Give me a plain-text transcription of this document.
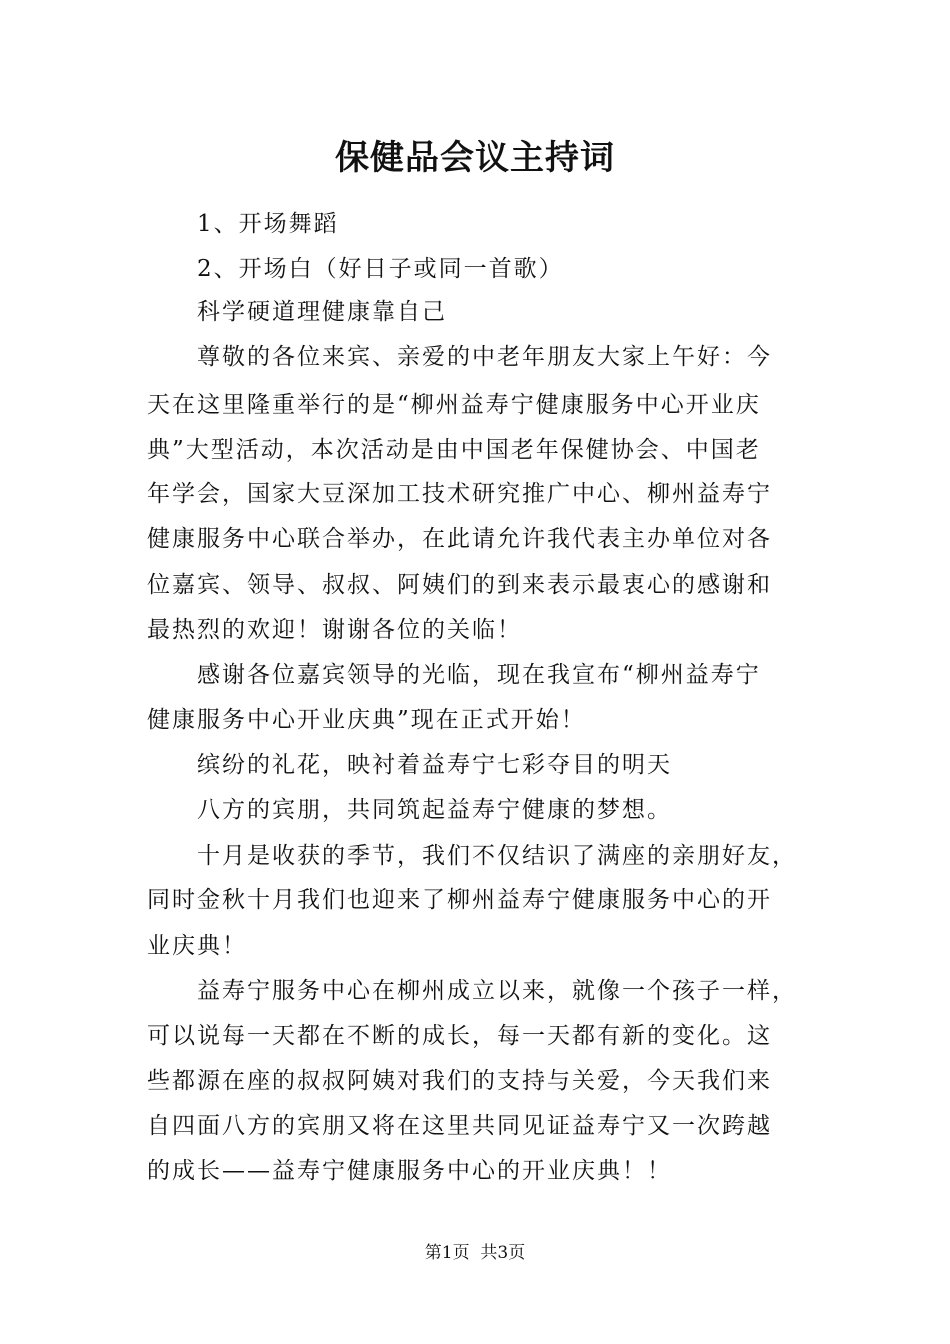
保健品会议主持词

1、开场舞蹈

2、开场白（好日子或同一首歌）

科学硬道理健康靠自己

尊敬的各位来宾、亲爱的中老年朋友大家上午好：今

天在这里隆重举行的是“柳州益寿宁健康服务中心开业庆

典”大型活动，本次活动是由中国老年保健协会、中国老

年学会，国家大豆深加工技术研究推广中心、柳州益寿宁

健康服务中心联合举办，在此请允许我代表主办单位对各

位嘉宾、领导、叔叔、阿姨们的到来表示最衷心的感谢和

最热烈的欢迎！谢谢各位的关临！

感谢各位嘉宾领导的光临，现在我宣布“柳州益寿宁

健康服务中心开业庆典”现在正式开始！

缤纷的礼花，映衬着益寿宁七彩夺目的明天

八方的宾朋，共同筑起益寿宁健康的梦想。

十月是收获的季节，我们不仅结识了满座的亲朋好友，

同时金秋十月我们也迎来了柳州益寿宁健康服务中心的开

业庆典！

益寿宁服务中心在柳州成立以来，就像一个孩子一样，

可以说每一天都在不断的成长，每一天都有新的变化。这

些都源在座的叔叔阿姨对我们的支持与关爱，今天我们来

自四面八方的宾朋又将在这里共同见证益寿宁又一次跨越

的成长——益寿宁健康服务中心的开业庆典！！

第1页  共3页
